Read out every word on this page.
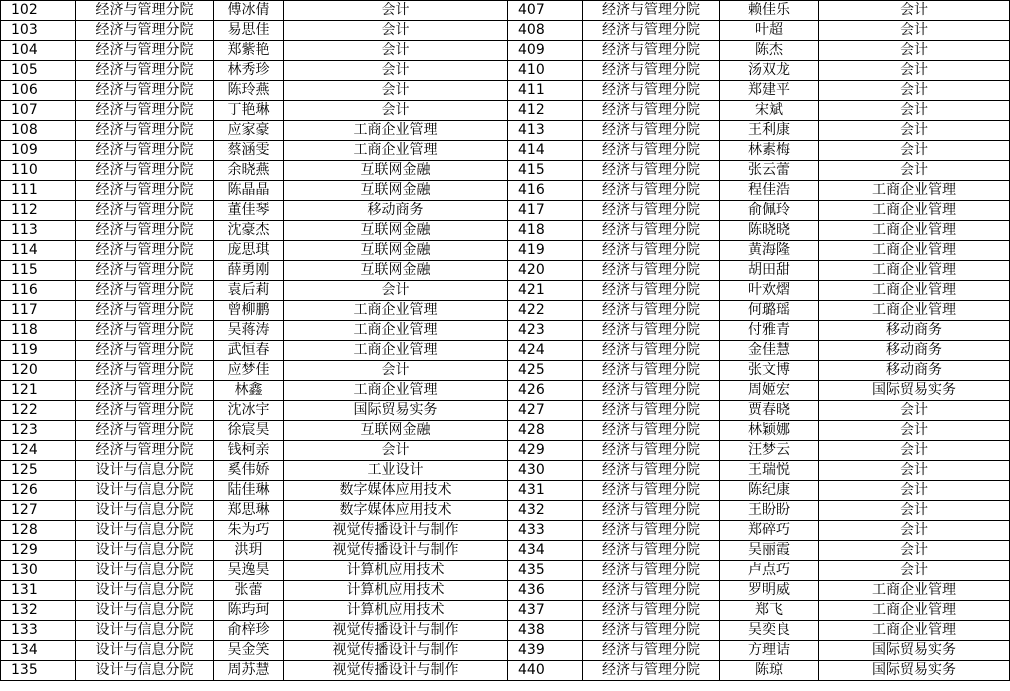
102	经济与管理分院	傅冰倩	会计	407	经济与管理分院	赖佳乐	会计
103	经济与管理分院	易思佳	会计	408	经济与管理分院	叶超	会计
104	经济与管理分院	郑紫艳	会计	409	经济与管理分院	陈杰	会计
105	经济与管理分院	林秀珍	会计	410	经济与管理分院	汤双龙	会计
106	经济与管理分院	陈玲燕	会计	411	经济与管理分院	郑建平	会计
107	经济与管理分院	丁艳琳	会计	412	经济与管理分院	宋斌	会计
108	经济与管理分院	应家豪	工商企业管理	413	经济与管理分院	王利康	会计
109	经济与管理分院	蔡涵雯	工商企业管理	414	经济与管理分院	林素梅	会计
110	经济与管理分院	余晓燕	互联网金融	415	经济与管理分院	张云蕾	会计
111	经济与管理分院	陈晶晶	互联网金融	416	经济与管理分院	程佳浩	工商企业管理
112	经济与管理分院	董佳琴	移动商务	417	经济与管理分院	俞佩玲	工商企业管理
113	经济与管理分院	沈豪杰	互联网金融	418	经济与管理分院	陈晓晓	工商企业管理
114	经济与管理分院	庞思琪	互联网金融	419	经济与管理分院	黄海隆	工商企业管理
115	经济与管理分院	薛勇刚	互联网金融	420	经济与管理分院	胡田甜	工商企业管理
116	经济与管理分院	袁后莉	会计	421	经济与管理分院	叶欢熠	工商企业管理
117	经济与管理分院	曾柳鹏	工商企业管理	422	经济与管理分院	何璐瑶	工商企业管理
118	经济与管理分院	吴蒋涛	工商企业管理	423	经济与管理分院	付雅青	移动商务
119	经济与管理分院	武恒春	工商企业管理	424	经济与管理分院	金佳慧	移动商务
120	经济与管理分院	应梦佳	会计	425	经济与管理分院	张文博	移动商务
121	经济与管理分院	林鑫	工商企业管理	426	经济与管理分院	周姬宏	国际贸易实务
122	经济与管理分院	沈冰宇	国际贸易实务	427	经济与管理分院	贾春晓	会计
123	经济与管理分院	徐宸昊	互联网金融	428	经济与管理分院	林颖娜	会计
124	经济与管理分院	钱柯亲	会计	429	经济与管理分院	汪梦云	会计
125	设计与信息分院	奚伟娇	工业设计	430	经济与管理分院	王瑞悦	会计
126	设计与信息分院	陆佳琳	数字媒体应用技术	431	经济与管理分院	陈纪康	会计
127	设计与信息分院	郑思琳	数字媒体应用技术	432	经济与管理分院	王盼盼	会计
128	设计与信息分院	朱为巧	视觉传播设计与制作	433	经济与管理分院	郑碎巧	会计
129	设计与信息分院	洪玥	视觉传播设计与制作	434	经济与管理分院	吴丽霞	会计
130	设计与信息分院	吴逸昊	计算机应用技术	435	经济与管理分院	卢点巧	会计
131	设计与信息分院	张蕾	计算机应用技术	436	经济与管理分院	罗明威	工商企业管理
132	设计与信息分院	陈玙珂	计算机应用技术	437	经济与管理分院	郑飞	工商企业管理
133	设计与信息分院	俞梓珍	视觉传播设计与制作	438	经济与管理分院	吴奕良	工商企业管理
134	设计与信息分院	吴金笑	视觉传播设计与制作	439	经济与管理分院	方理诘	国际贸易实务
135	设计与信息分院	周苏慧	视觉传播设计与制作	440	经济与管理分院	陈琼	国际贸易实务
